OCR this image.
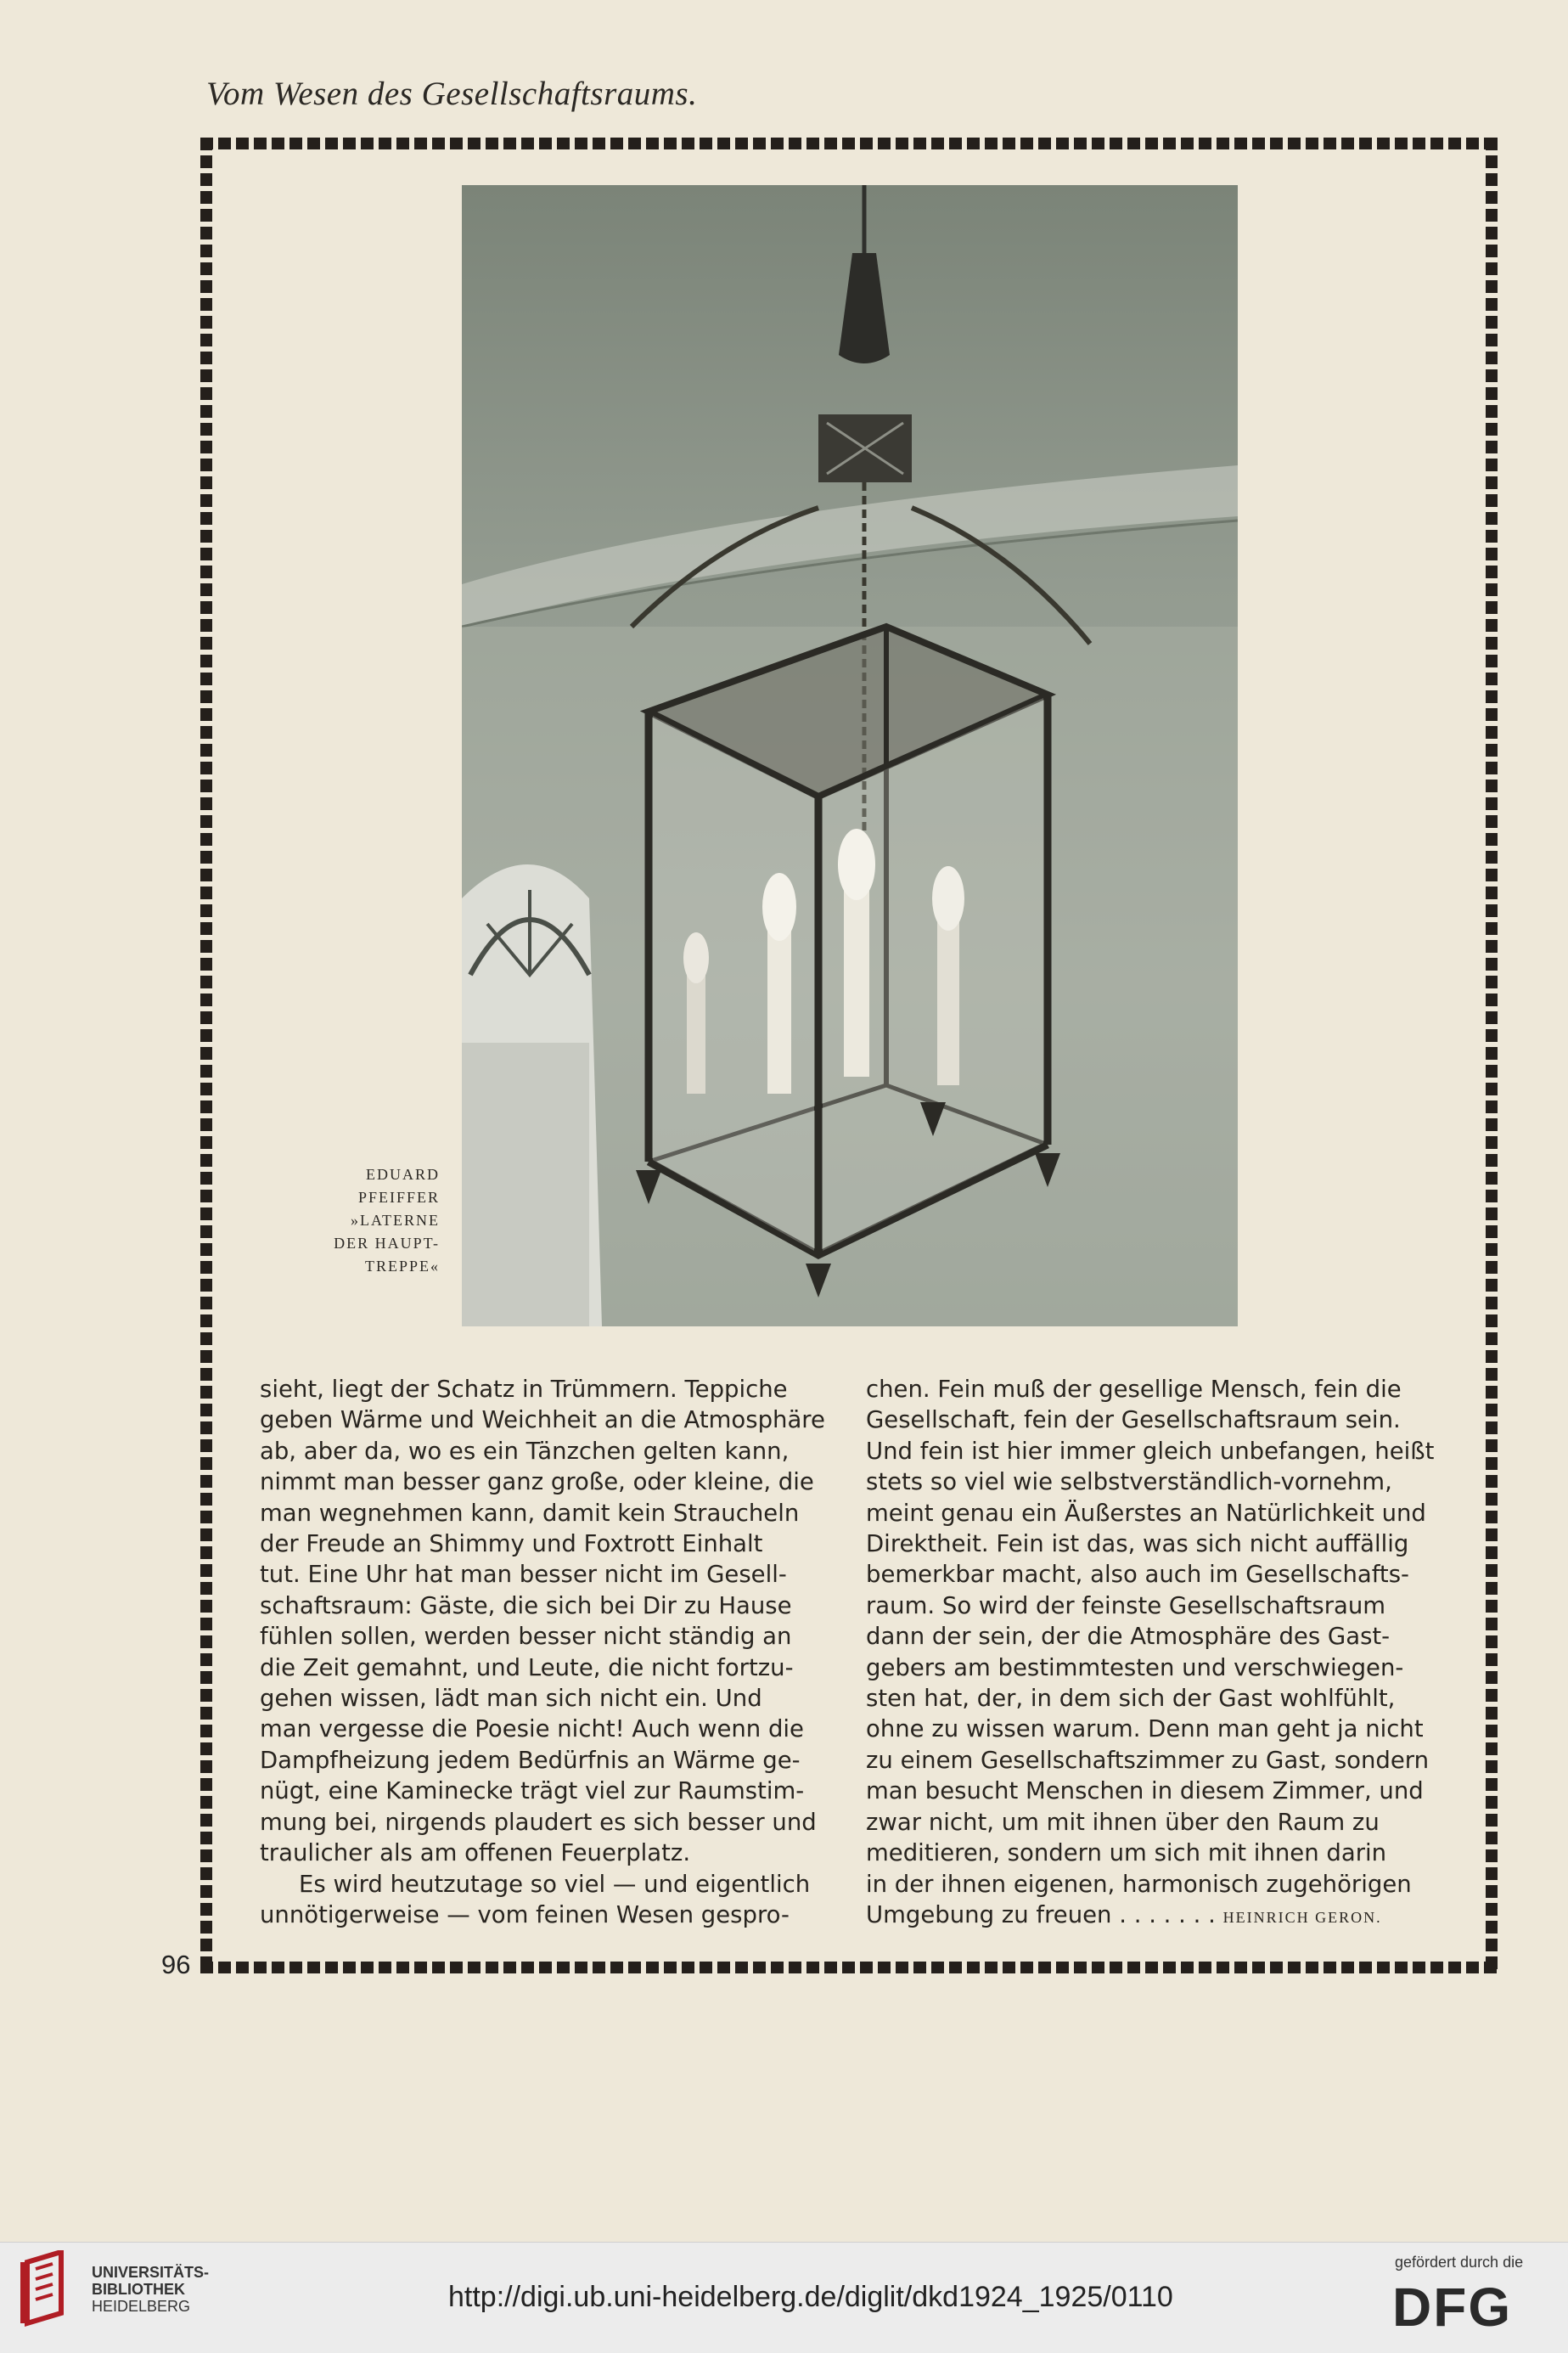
Vom Wesen des Gesellschaftsraums.
EDUARD
PFEIFFER
»LATERNE
DER HAUPT-
TREPPE«
sieht, liegt der Schatz in Trümmern. Teppiche
geben Wärme und Weichheit an die Atmosphäre
ab, aber da, wo es ein Tänzchen gelten kann,
nimmt man besser ganz große, oder kleine, die
man wegnehmen kann, damit kein Straucheln
der Freude an Shimmy und Foxtrott Einhalt
tut. Eine Uhr hat man besser nicht im Gesell-
schaftsraum: Gäste, die sich bei Dir zu Hause
fühlen sollen, werden besser nicht ständig an
die Zeit gemahnt, und Leute, die nicht fortzu-
gehen wissen, lädt man sich nicht ein. Und
man vergesse die Poesie nicht! Auch wenn die
Dampfheizung jedem Bedürfnis an Wärme ge-
nügt, eine Kaminecke trägt viel zur Raumstim-
mung bei, nirgends plaudert es sich besser und
traulicher als am offenen Feuerplatz.
Es wird heutzutage so viel — und eigentlich
unnötigerweise — vom feinen Wesen gespro-
chen. Fein muß der gesellige Mensch, fein die
Gesellschaft, fein der Gesellschaftsraum sein.
Und fein ist hier immer gleich unbefangen, heißt
stets so viel wie selbstverständlich-vornehm,
meint genau ein Äußerstes an Natürlichkeit und
Direktheit. Fein ist das, was sich nicht auffällig
bemerkbar macht, also auch im Gesellschafts-
raum. So wird der feinste Gesellschaftsraum
dann der sein, der die Atmosphäre des Gast-
gebers am bestimmtesten und verschwiegen-
sten hat, der, in dem sich der Gast wohlfühlt,
ohne zu wissen warum. Denn man geht ja nicht
zu einem Gesellschaftszimmer zu Gast, sondern
man besucht Menschen in diesem Zimmer, und
zwar nicht, um mit ihnen über den Raum zu
meditieren, sondern um sich mit ihnen darin
in der ihnen eigenen, harmonisch zugehörigen
Umgebung zu freuen . . . . . . . HEINRICH GERON.
96
UNIVERSITÄTS-
BIBLIOTHEK
HEIDELBERG	http://digi.ub.uni-heidelberg.de/diglit/dkd1924_1925/0110
gefördert durch die
DFG
